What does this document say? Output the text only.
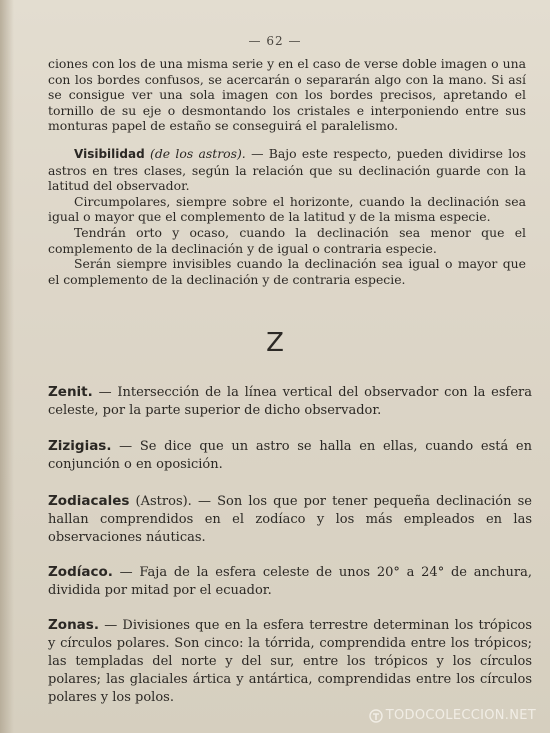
— 62 —

ciones con los de una misma serie y en el caso de verse doble imagen o una con los bordes confusos, se acercarán o separarán algo con la mano. Si así se consigue ver una sola imagen con los bordes precisos, apretando el tornillo de su eje o desmontando los cristales e interponiendo entre sus monturas papel de estaño se conseguirá el paralelismo.

Visibilidad (de los astros). — Bajo este respecto, pueden dividirse los astros en tres clases, según la relación que su declinación guarde con la latitud del observador.

Circumpolares, siempre sobre el horizonte, cuando la declinación sea igual o mayor que el complemento de la latitud y de la misma especie.

Tendrán orto y ocaso, cuando la declinación sea menor que el complemento de la declinación y de igual o contraria especie.

Serán siempre invisibles cuando la declinación sea igual o mayor que el complemento de la declinación y de contraria especie.

Z

Zenit. — Intersección de la línea vertical del observador con la esfera celeste, por la parte superior de dicho observador.

Zizigias. — Se dice que un astro se halla en ellas, cuando está en conjunción o en oposición.

Zodiacales (Astros). — Son los que por tener pequeña declinación se hallan comprendidos en el zodíaco y los más empleados en las observaciones náuticas.

Zodíaco. — Faja de la esfera celeste de unos 20° a 24° de anchura, dividida por mitad por el ecuador.

Zonas. — Divisiones que en la esfera terrestre determinan los trópicos y círculos polares. Son cinco: la tórrida, comprendida entre los trópicos; las templadas del norte y del sur, entre los trópicos y los círculos polares; las glaciales ártica y antártica, comprendidas entre los círculos polares y los polos.

TODOCOLECCION.NET
